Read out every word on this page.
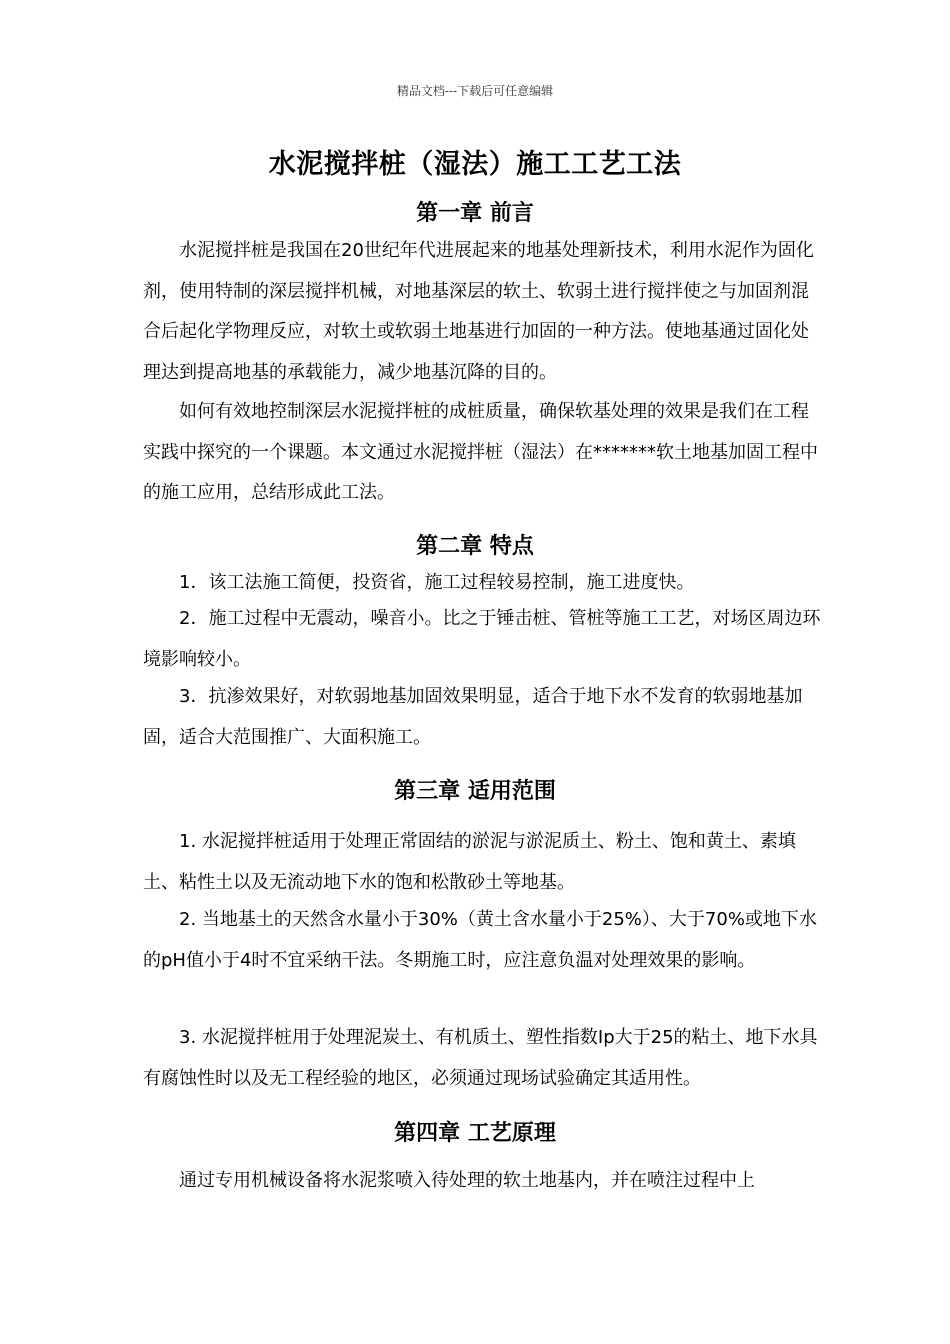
精品文档---下载后可任意编辑
水泥搅拌桩（湿法）施工工艺工法
第一章 前言

水泥搅拌桩是我国在20世纪年代进展起来的地基处理新技术，利用水泥作为固化剂，使用特制的深层搅拌机械，对地基深层的软土、软弱土进行搅拌使之与加固剂混合后起化学物理反应，对软土或软弱土地基进行加固的一种方法。使地基通过固化处理达到提高地基的承载能力，减少地基沉降的目的。

如何有效地控制深层水泥搅拌桩的成桩质量，确保软基处理的效果是我们在工程实践中探究的一个课题。本文通过水泥搅拌桩（湿法）在*******软土地基加固工程中的施工应用，总结形成此工法。

第二章 特点

1．该工法施工简便，投资省，施工过程较易控制，施工进度快。

2．施工过程中无震动，噪音小。比之于锤击桩、管桩等施工工艺，对场区周边环境影响较小。

3．抗渗效果好，对软弱地基加固效果明显，适合于地下水不发育的软弱地基加固，适合大范围推广、大面积施工。

第三章 适用范围

1. 水泥搅拌桩适用于处理正常固结的淤泥与淤泥质土、粉土、饱和黄土、素填土、粘性土以及无流动地下水的饱和松散砂土等地基。

2. 当地基土的天然含水量小于30%（黄土含水量小于25%）、大于70%或地下水的pH值小于4时不宜采纳干法。冬期施工时，应注意负温对处理效果的影响。

3. 水泥搅拌桩用于处理泥炭土、有机质土、塑性指数Ip大于25的粘土、地下水具有腐蚀性时以及无工程经验的地区，必须通过现场试验确定其适用性。

第四章 工艺原理

通过专用机械设备将水泥浆喷入待处理的软土地基内，并在喷注过程中上
